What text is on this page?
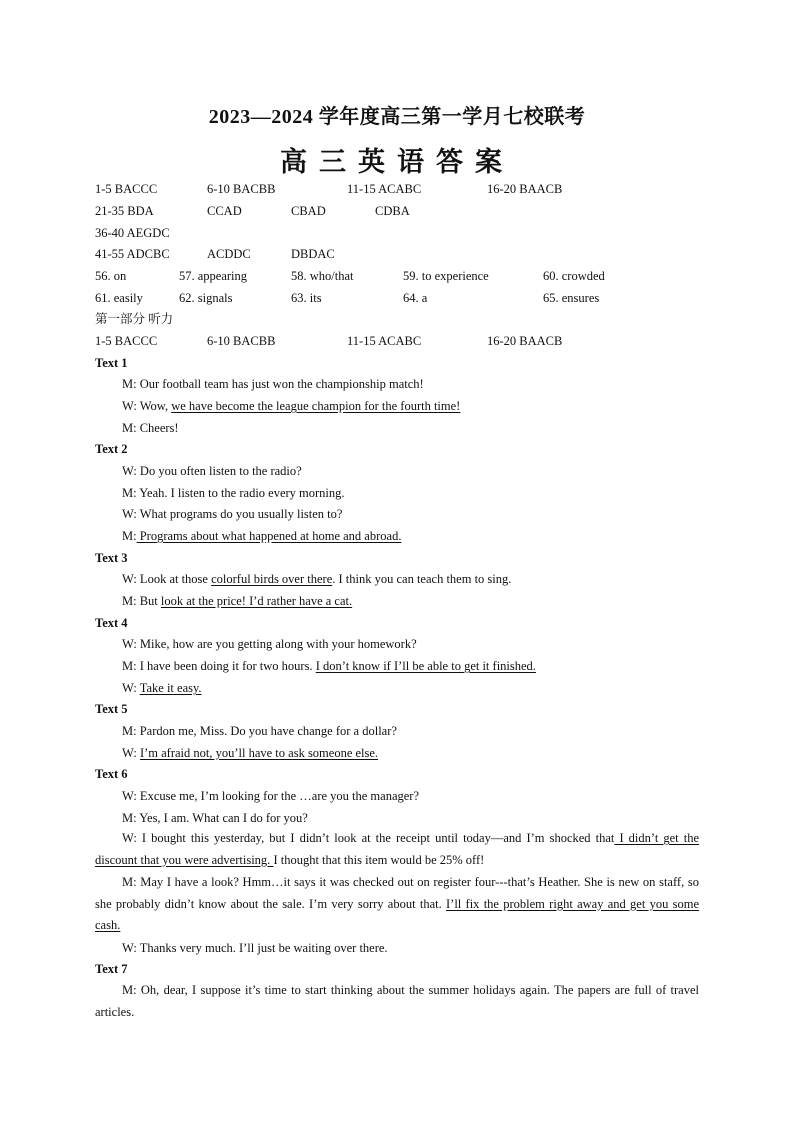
2023—2024 学年度高三第一学月七校联考
高三英语答案
1-5 BACCC	6-10 BACBB	11-15 ACABC	16-20 BAACB
21-35 BDA	CCAD	CBAD	CDBA
36-40 AEGDC
41-55 ADCBC	ACDDC	DBDAC
56. on	57. appearing	58. who/that	59. to experience	60. crowded
61. easily	62. signals	63. its	64. a	65. ensures
第一部分 听力
1-5 BACCC	6-10 BACBB	11-15 ACABC	16-20 BAACB
Text 1
M: Our football team has just won the championship match!
W: Wow, we have become the league champion for the fourth time!
M: Cheers!
Text 2
W: Do you often listen to the radio?
M: Yeah. I listen to the radio every morning.
W: What programs do you usually listen to?
M: Programs about what happened at home and abroad.
Text 3
W: Look at those colorful birds over there. I think you can teach them to sing.
M: But look at the price! I’d rather have a cat.
Text 4
W: Mike, how are you getting along with your homework?
M: I have been doing it for two hours. I don’t know if I’ll be able to get it finished.
W: Take it easy.
Text 5
M: Pardon me, Miss. Do you have change for a dollar?
W: I’m afraid not, you’ll have to ask someone else.
Text 6
W: Excuse me, I’m looking for the …are you the manager?
M: Yes, I am. What can I do for you?
W: I bought this yesterday, but I didn’t look at the receipt until today—and I’m shocked that I didn’t get the discount that you were advertising. I thought that this item would be 25% off!
M: May I have a look? Hmm…it says it was checked out on register four---that’s Heather. She is new on staff, so she probably didn’t know about the sale. I’m very sorry about that. I’ll fix the problem right away and get you some cash.
W: Thanks very much. I’ll just be waiting over there.
Text 7
M: Oh, dear, I suppose it’s time to start thinking about the summer holidays again. The papers are full of travel articles.
